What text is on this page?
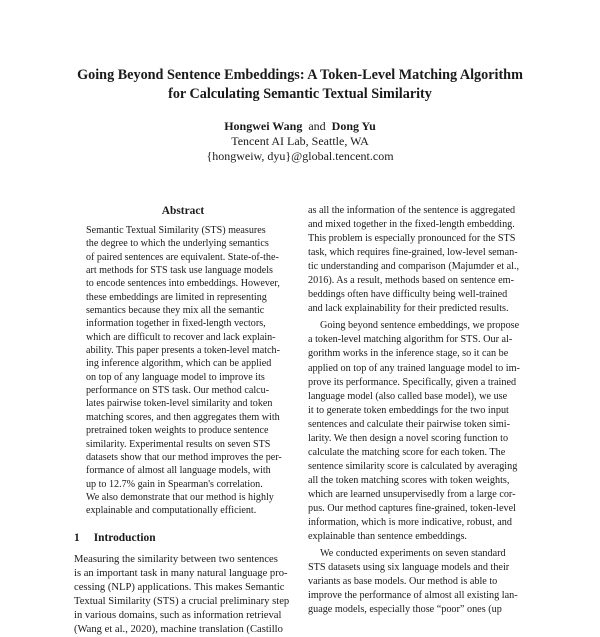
Going Beyond Sentence Embeddings: A Token-Level Matching Algorithm
for Calculating Semantic Textual Similarity
Hongwei Wang and Dong Yu
Tencent AI Lab, Seattle, WA
{hongweiw, dyu}@global.tencent.com
Abstract
Semantic Textual Similarity (STS) measures
the degree to which the underlying semantics
of paired sentences are equivalent. State-of-the-
art methods for STS task use language models
to encode sentences into embeddings. However,
these embeddings are limited in representing
semantics because they mix all the semantic
information together in fixed-length vectors,
which are difficult to recover and lack explain-
ability. This paper presents a token-level match-
ing inference algorithm, which can be applied
on top of any language model to improve its
performance on STS task. Our method calcu-
lates pairwise token-level similarity and token
matching scores, and then aggregates them with
pretrained token weights to produce sentence
similarity. Experimental results on seven STS
datasets show that our method improves the per-
formance of almost all language models, with
up to 12.7% gain in Spearman's correlation.
We also demonstrate that our method is highly
explainable and computationally efficient.
1 Introduction
Measuring the similarity between two sentences
is an important task in many natural language pro-
cessing (NLP) applications. This makes Semantic
Textual Similarity (STS) a crucial preliminary step
in various domains, such as information retrieval
(Wang et al., 2020), machine translation (Castillo
as all the information of the sentence is aggregated
and mixed together in the fixed-length embedding.
This problem is especially pronounced for the STS
task, which requires fine-grained, low-level seman-
tic understanding and comparison (Majumder et al.,
2016). As a result, methods based on sentence em-
beddings often have difficulty being well-trained
and lack explainability for their predicted results.
Going beyond sentence embeddings, we propose
a token-level matching algorithm for STS. Our al-
gorithm works in the inference stage, so it can be
applied on top of any trained language model to im-
prove its performance. Specifically, given a trained
language model (also called base model), we use
it to generate token embeddings for the two input
sentences and calculate their pairwise token simi-
larity. We then design a novel scoring function to
calculate the matching score for each token. The
sentence similarity score is calculated by averaging
all the token matching scores with token weights,
which are learned unsupervisedly from a large cor-
pus. Our method captures fine-grained, token-level
information, which is more indicative, robust, and
explainable than sentence embeddings.
We conducted experiments on seven standard
STS datasets using six language models and their
variants as base models. Our method is able to
improve the performance of almost all existing lan-
guage models, especially those “poor” ones (up
